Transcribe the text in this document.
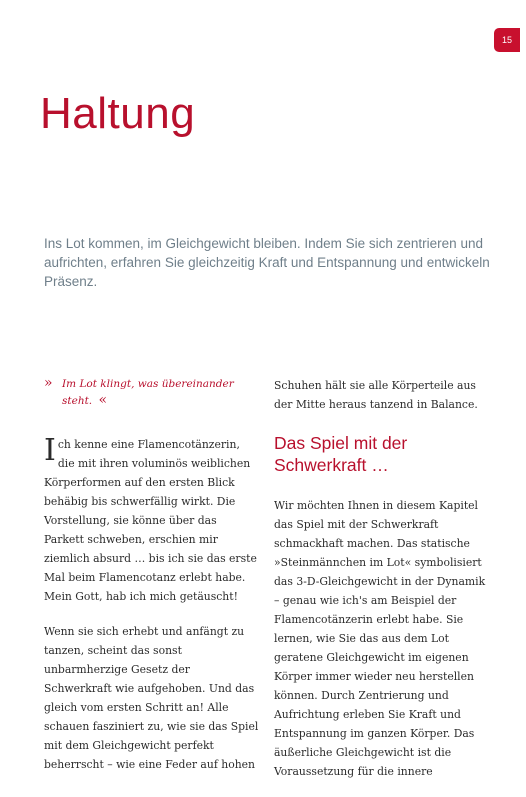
15
Haltung

Ins Lot kommen, im Gleichgewicht bleiben. Indem Sie sich zentrieren und aufrichten, erfahren Sie gleichzeitig Kraft und Entspannung und entwickeln Präsenz.

» Im Lot klingt, was übereinander steht. «

I ch kenne eine Flamencotänzerin, die mit ihren voluminös weiblichen Körperformen auf den ersten Blick behäbig bis schwerfällig wirkt. Die Vorstellung, sie könne über das Parkett schweben, erschien mir ziemlich absurd … bis ich sie das erste Mal beim Flamencotanz erlebt habe. Mein Gott, hab ich mich getäuscht!

Wenn sie sich erhebt und anfängt zu tanzen, scheint das sonst unbarmherzige Gesetz der Schwerkraft wie aufgehoben. Und das gleich vom ersten Schritt an! Alle schauen fasziniert zu, wie sie das Spiel mit dem Gleichgewicht perfekt beherrscht – wie eine Feder auf hohen

Schuhen hält sie alle Körperteile aus der Mitte heraus tanzend in Balance.

Das Spiel mit der Schwerkraft …

Wir möchten Ihnen in diesem Kapitel das Spiel mit der Schwerkraft schmackhaft machen. Das statische »Steinmännchen im Lot« symbolisiert das 3-D-Gleichgewicht in der Dynamik – genau wie ich's am Beispiel der Flamencotänzerin erlebt habe. Sie lernen, wie Sie das aus dem Lot geratene Gleichgewicht im eigenen Körper immer wieder neu herstellen können. Durch Zentrierung und Aufrichtung erleben Sie Kraft und Entspannung im ganzen Körper. Das äußerliche Gleichgewicht ist die Voraussetzung für die innere
